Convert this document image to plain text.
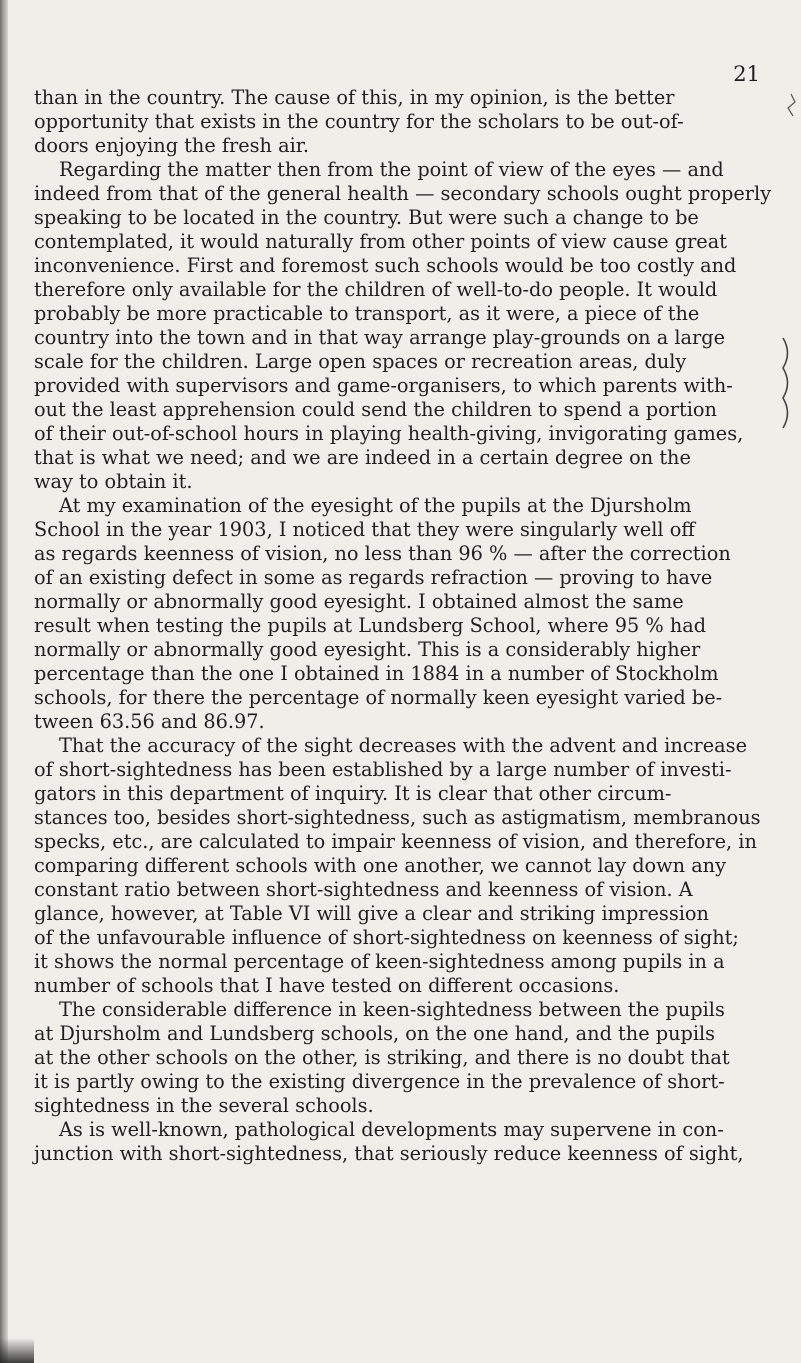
21
than in the country. The cause of this, in my opinion, is the better
opportunity that exists in the country for the scholars to be out-of-
doors enjoying the fresh air.
Regarding the matter then from the point of view of the eyes — and
indeed from that of the general health — secondary schools ought properly
speaking to be located in the country. But were such a change to be
contemplated, it would naturally from other points of view cause great
inconvenience. First and foremost such schools would be too costly and
therefore only available for the children of well-to-do people. It would
probably be more practicable to transport, as it were, a piece of the
country into the town and in that way arrange play-grounds on a large
scale for the children. Large open spaces or recreation areas, duly
provided with supervisors and game-organisers, to which parents with-
out the least apprehension could send the children to spend a portion
of their out-of-school hours in playing health-giving, invigorating games,
that is what we need; and we are indeed in a certain degree on the
way to obtain it.
At my examination of the eyesight of the pupils at the Djursholm
School in the year 1903, I noticed that they were singularly well off
as regards keenness of vision, no less than 96 % — after the correction
of an existing defect in some as regards refraction — proving to have
normally or abnormally good eyesight. I obtained almost the same
result when testing the pupils at Lundsberg School, where 95 % had
normally or abnormally good eyesight. This is a considerably higher
percentage than the one I obtained in 1884 in a number of Stockholm
schools, for there the percentage of normally keen eyesight varied be-
tween 63.56 and 86.97.
That the accuracy of the sight decreases with the advent and increase
of short-sightedness has been established by a large number of investi-
gators in this department of inquiry. It is clear that other circum-
stances too, besides short-sightedness, such as astigmatism, membranous
specks, etc., are calculated to impair keenness of vision, and therefore, in
comparing different schools with one another, we cannot lay down any
constant ratio between short-sightedness and keenness of vision. A
glance, however, at Table VI will give a clear and striking impression
of the unfavourable influence of short-sightedness on keenness of sight;
it shows the normal percentage of keen-sightedness among pupils in a
number of schools that I have tested on different occasions.
The considerable difference in keen-sightedness between the pupils
at Djursholm and Lundsberg schools, on the one hand, and the pupils
at the other schools on the other, is striking, and there is no doubt that
it is partly owing to the existing divergence in the prevalence of short-
sightedness in the several schools.
As is well-known, pathological developments may supervene in con-
junction with short-sightedness, that seriously reduce keenness of sight,
